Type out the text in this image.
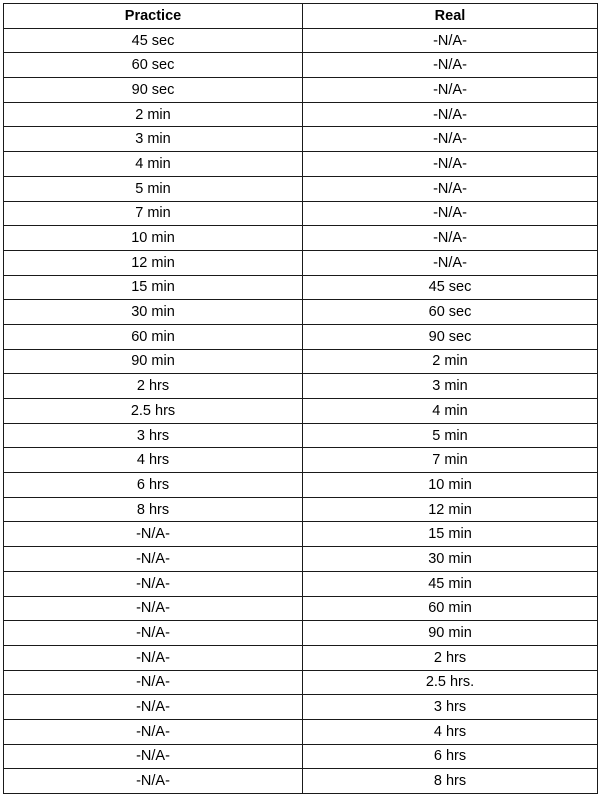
Practice	Real
45 sec	-N/A-
60 sec	-N/A-
90 sec	-N/A-
2 min	-N/A-
3 min	-N/A-
4 min	-N/A-
5 min	-N/A-
7 min	-N/A-
10 min	-N/A-
12 min	-N/A-
15 min	45 sec
30 min	60 sec
60 min	90 sec
90 min	2 min
2 hrs	3 min
2.5 hrs	4 min
3 hrs	5 min
4 hrs	7 min
6 hrs	10 min
8 hrs	12 min
-N/A-	15 min
-N/A-	30 min
-N/A-	45 min
-N/A-	60 min
-N/A-	90 min
-N/A-	2 hrs
-N/A-	2.5 hrs.
-N/A-	3 hrs
-N/A-	4 hrs
-N/A-	6 hrs
-N/A-	8 hrs
